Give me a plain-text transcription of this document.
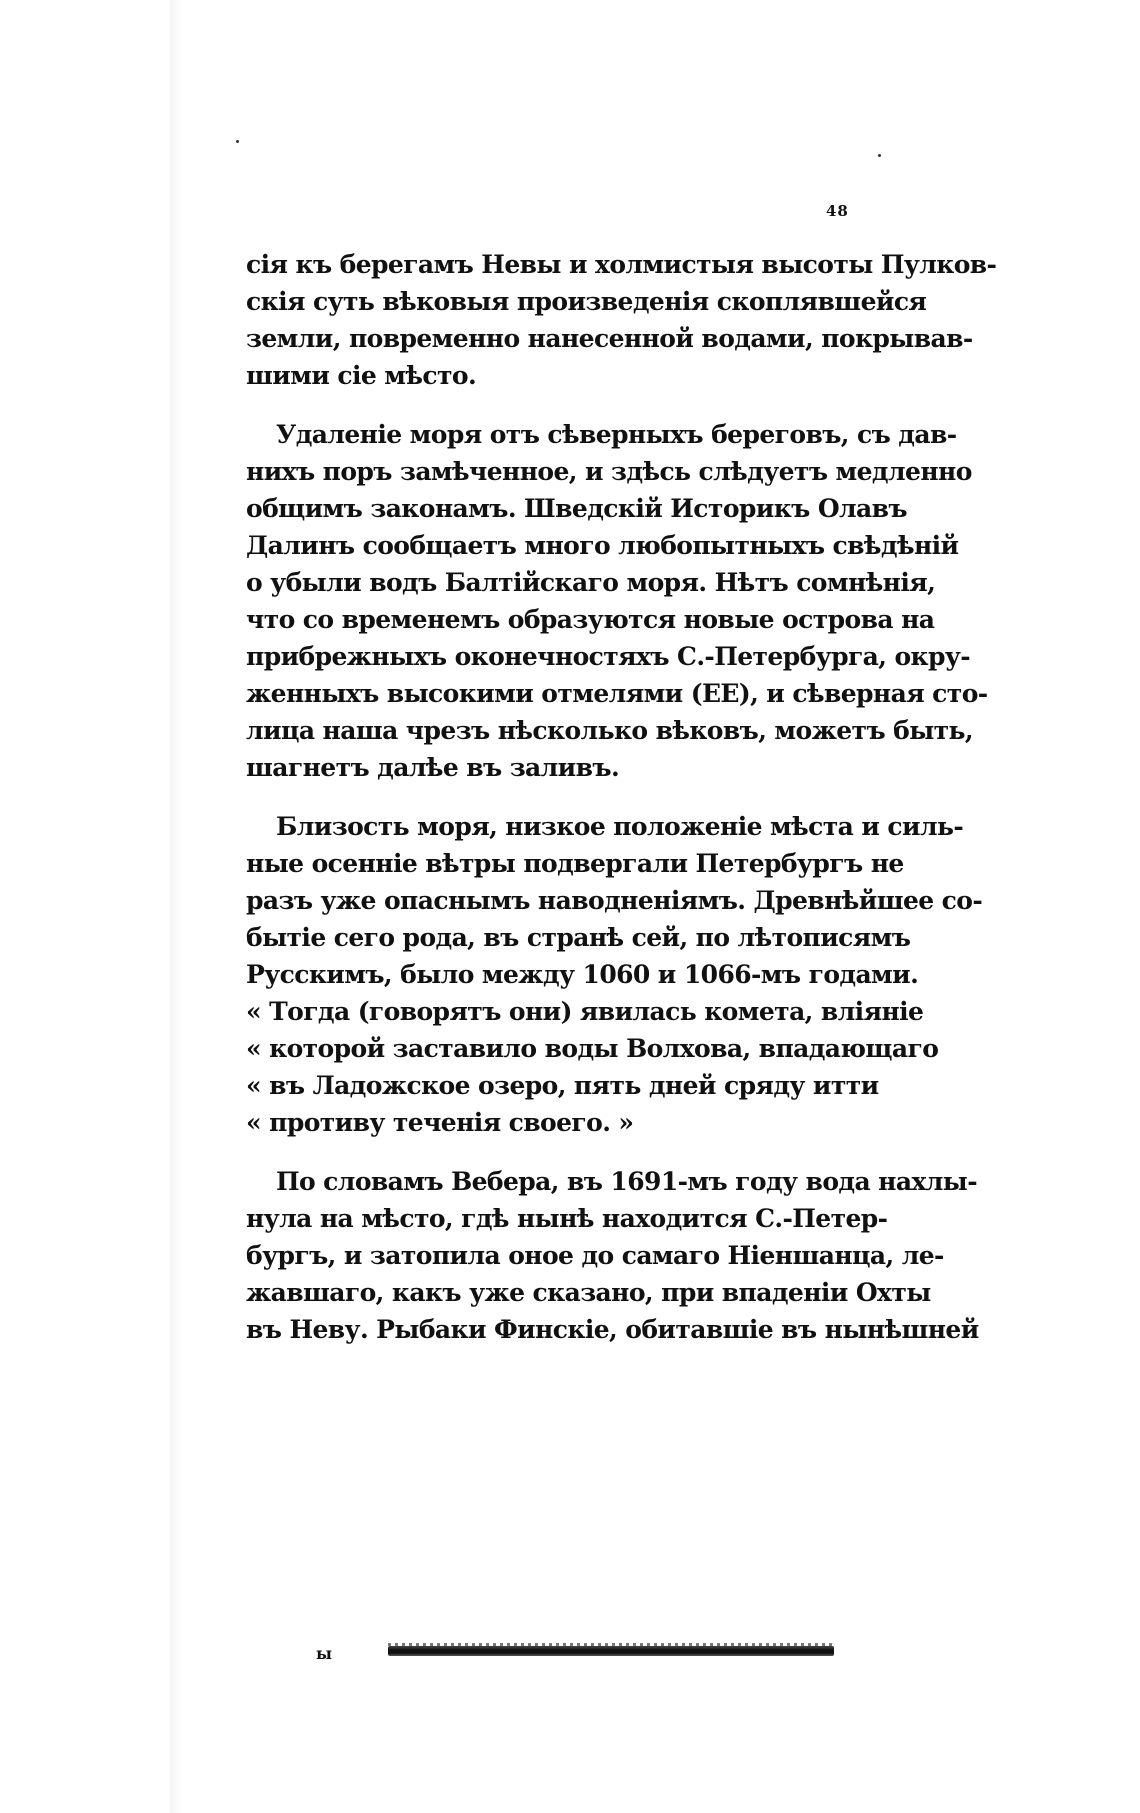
48
сія къ берегамъ Невы и холмистыя высоты Пулков-
скія суть вѣковыя произведенія скоплявшейся
земли, повременно нанесенной водами, покрывав-
шими сіе мѣсто.
Удаленіе моря отъ сѣверныхъ береговъ, съ дав-
нихъ поръ замѣченное, и здѣсь слѣдуетъ медленно
общимъ законамъ. Шведскій Историкъ Олавъ
Далинъ сообщаетъ много любопытныхъ свѣдѣній
о убыли водъ Балтійскаго моря. Нѣтъ сомнѣнія,
что со временемъ образуются новые острова на
прибрежныхъ оконечностяхъ С.-Петербурга, окру-
женныхъ высокими отмелями (ЕЕ), и сѣверная сто-
лица наша чрезъ нѣсколько вѣковъ, можетъ быть,
шагнетъ далѣе въ заливъ.
Близость моря, низкое положеніе мѣста и силь-
ные осенніе вѣтры подвергали Петербургъ не
разъ уже опаснымъ наводненіямъ. Древнѣйшее со-
бытіе сего рода, въ странѣ сей, по лѣтописямъ
Русскимъ, было между 1060 и 1066-мъ годами.
« Тогда (говорятъ они) явилась комета, вліяніе
« которой заставило воды Волхова, впадающаго
« въ Ладожское озеро, пять дней сряду итти
« противу теченія своего. »
По словамъ Вебера, въ 1691-мъ году вода нахлы-
нула на мѣсто, гдѣ нынѣ находится С.-Петер-
бургъ, и затопила оное до самаго Ніеншанца, ле-
жавшаго, какъ уже сказано, при впаденіи Охты
въ Неву. Рыбаки Финскіе, обитавшіе въ нынѣшней
ы
